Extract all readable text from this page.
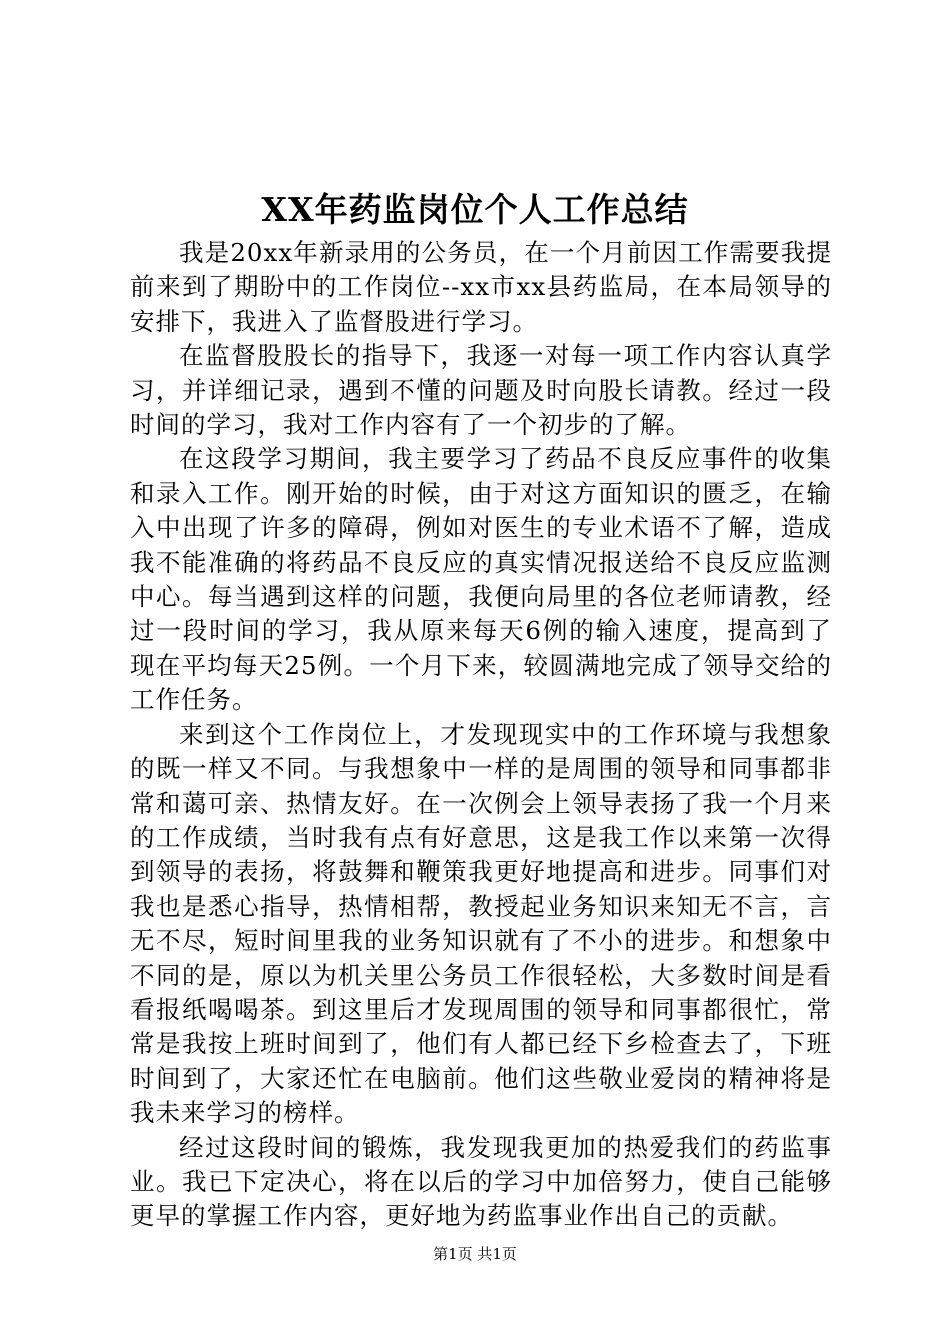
XX年药监岗位个人工作总结

我是20xx年新录用的公务员，在一个月前因工作需要我提前来到了期盼中的工作岗位--xx市xx县药监局，在本局领导的安排下，我进入了监督股进行学习。

在监督股股长的指导下，我逐一对每一项工作内容认真学习，并详细记录，遇到不懂的问题及时向股长请教。经过一段时间的学习，我对工作内容有了一个初步的了解。

在这段学习期间，我主要学习了药品不良反应事件的收集和录入工作。刚开始的时候，由于对这方面知识的匮乏，在输入中出现了许多的障碍，例如对医生的专业术语不了解，造成我不能准确的将药品不良反应的真实情况报送给不良反应监测中心。每当遇到这样的问题，我便向局里的各位老师请教，经过一段时间的学习，我从原来每天6例的输入速度，提高到了现在平均每天25例。一个月下来，较圆满地完成了领导交给的工作任务。

来到这个工作岗位上，才发现现实中的工作环境与我想象的既一样又不同。与我想象中一样的是周围的领导和同事都非常和蔼可亲、热情友好。在一次例会上领导表扬了我一个月来的工作成绩，当时我有点有好意思，这是我工作以来第一次得到领导的表扬，将鼓舞和鞭策我更好地提高和进步。同事们对我也是悉心指导，热情相帮，教授起业务知识来知无不言，言无不尽，短时间里我的业务知识就有了不小的进步。和想象中不同的是，原以为机关里公务员工作很轻松，大多数时间是看看报纸喝喝茶。到这里后才发现周围的领导和同事都很忙，常常是我按上班时间到了，他们有人都已经下乡检查去了，下班时间到了，大家还忙在电脑前。他们这些敬业爱岗的精神将是我未来学习的榜样。

经过这段时间的锻炼，我发现我更加的热爱我们的药监事业。我已下定决心，将在以后的学习中加倍努力，使自己能够更早的掌握工作内容，更好地为药监事业作出自己的贡献。

第1页 共1页
